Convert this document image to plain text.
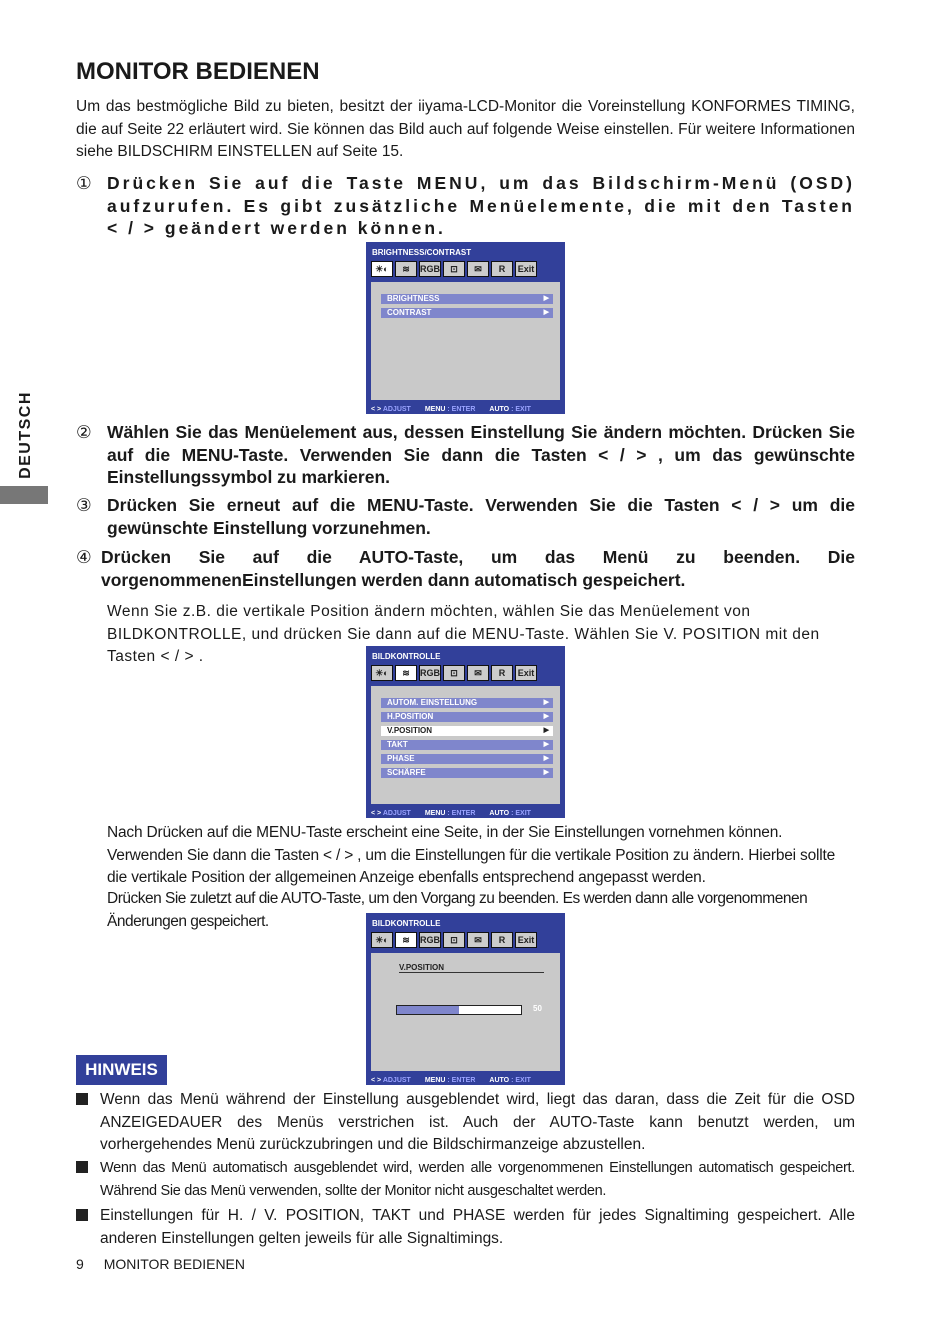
DEUTSCH
MONITOR BEDIENEN

Um das bestmögliche Bild zu bieten, besitzt der iiyama-LCD-Monitor die Voreinstellung KONFORMES TIMING, die auf Seite 22 erläutert wird. Sie können das Bild auch auf folgende Weise einstellen. Für weitere Informationen siehe BILDSCHIRM EINSTELLEN auf Seite 15.

① Drücken Sie auf die Taste MENU, um das Bildschirm-Menü (OSD) aufzurufen. Es gibt zusätzliche Menüelemente, die mit den Tasten < / > geändert werden können.
BRIGHTNESS/CONTRAST
☀◐	≋	RGB	⊡	✉	R	Exit
BRIGHTNESS	▶
CONTRAST	▶
< > ADJUST MENU : ENTER AUTO : EXIT
② Wählen Sie das Menüelement aus, dessen Einstellung Sie ändern möchten. Drücken Sie auf die MENU-Taste. Verwenden Sie dann die Tasten < / > , um das gewünschte Einstellungssymbol zu markieren.
③ Drücken Sie erneut auf die MENU-Taste. Verwenden Sie die Tasten < / > um die gewünschte Einstellung vorzunehmen.
④ Drücken Sie auf die AUTO-Taste, um das Menü zu beenden. Die vorgenommenenEinstellungen werden dann automatisch gespeichert.

Wenn Sie z.B. die vertikale Position ändern möchten, wählen Sie das Menüelement von BILDKONTROLLE, und drücken Sie dann auf die MENU-Taste. Wählen Sie V. POSITION mit den Tasten < / > .	BILDKONTROLLE
☀◐	≋	RGB	⊡	✉	R	Exit
AUTOM. EINSTELLUNG	▶
H.POSITION	▶
V.POSITION	▶
TAKT	▶
PHASE	▶
SCHÄRFE	▶
< > ADJUST MENU : ENTER AUTO : EXIT

Nach Drücken auf die MENU-Taste erscheint eine Seite, in der Sie Einstellungen vornehmen können. Verwenden Sie dann die Tasten < / > , um die Einstellungen für die vertikale Position zu ändern. Hierbei sollte die vertikale Position der allgemeinen Anzeige ebenfalls entsprechend angepasst werden.

Drücken Sie zuletzt auf die AUTO-Taste, um den Vorgang zu beenden. Es werden dann alle vorgenommenen Änderungen gespeichert.	BILDKONTROLLE
☀◐	≋	RGB	⊡	✉	R	Exit
V.POSITION
50
< > ADJUST MENU : ENTER AUTO : EXIT
HINWEIS
Wenn das Menü während der Einstellung ausgeblendet wird, liegt das daran, dass die Zeit für die OSD ANZEIGEDAUER des Menüs verstrichen ist. Auch der AUTO-Taste kann benutzt werden, um vorhergehendes Menü zurückzubringen und die Bildschirmanzeige abzustellen.
Wenn das Menü automatisch ausgeblendet wird, werden alle vorgenommenen Einstellungen automatisch gespeichert. Während Sie das Menü verwenden, sollte der Monitor nicht ausgeschaltet werden.
Einstellungen für H. / V. POSITION, TAKT und PHASE werden für jedes Signaltiming gespeichert. Alle anderen Einstellungen gelten jeweils für alle Signaltimings.
9 MONITOR BEDIENEN
